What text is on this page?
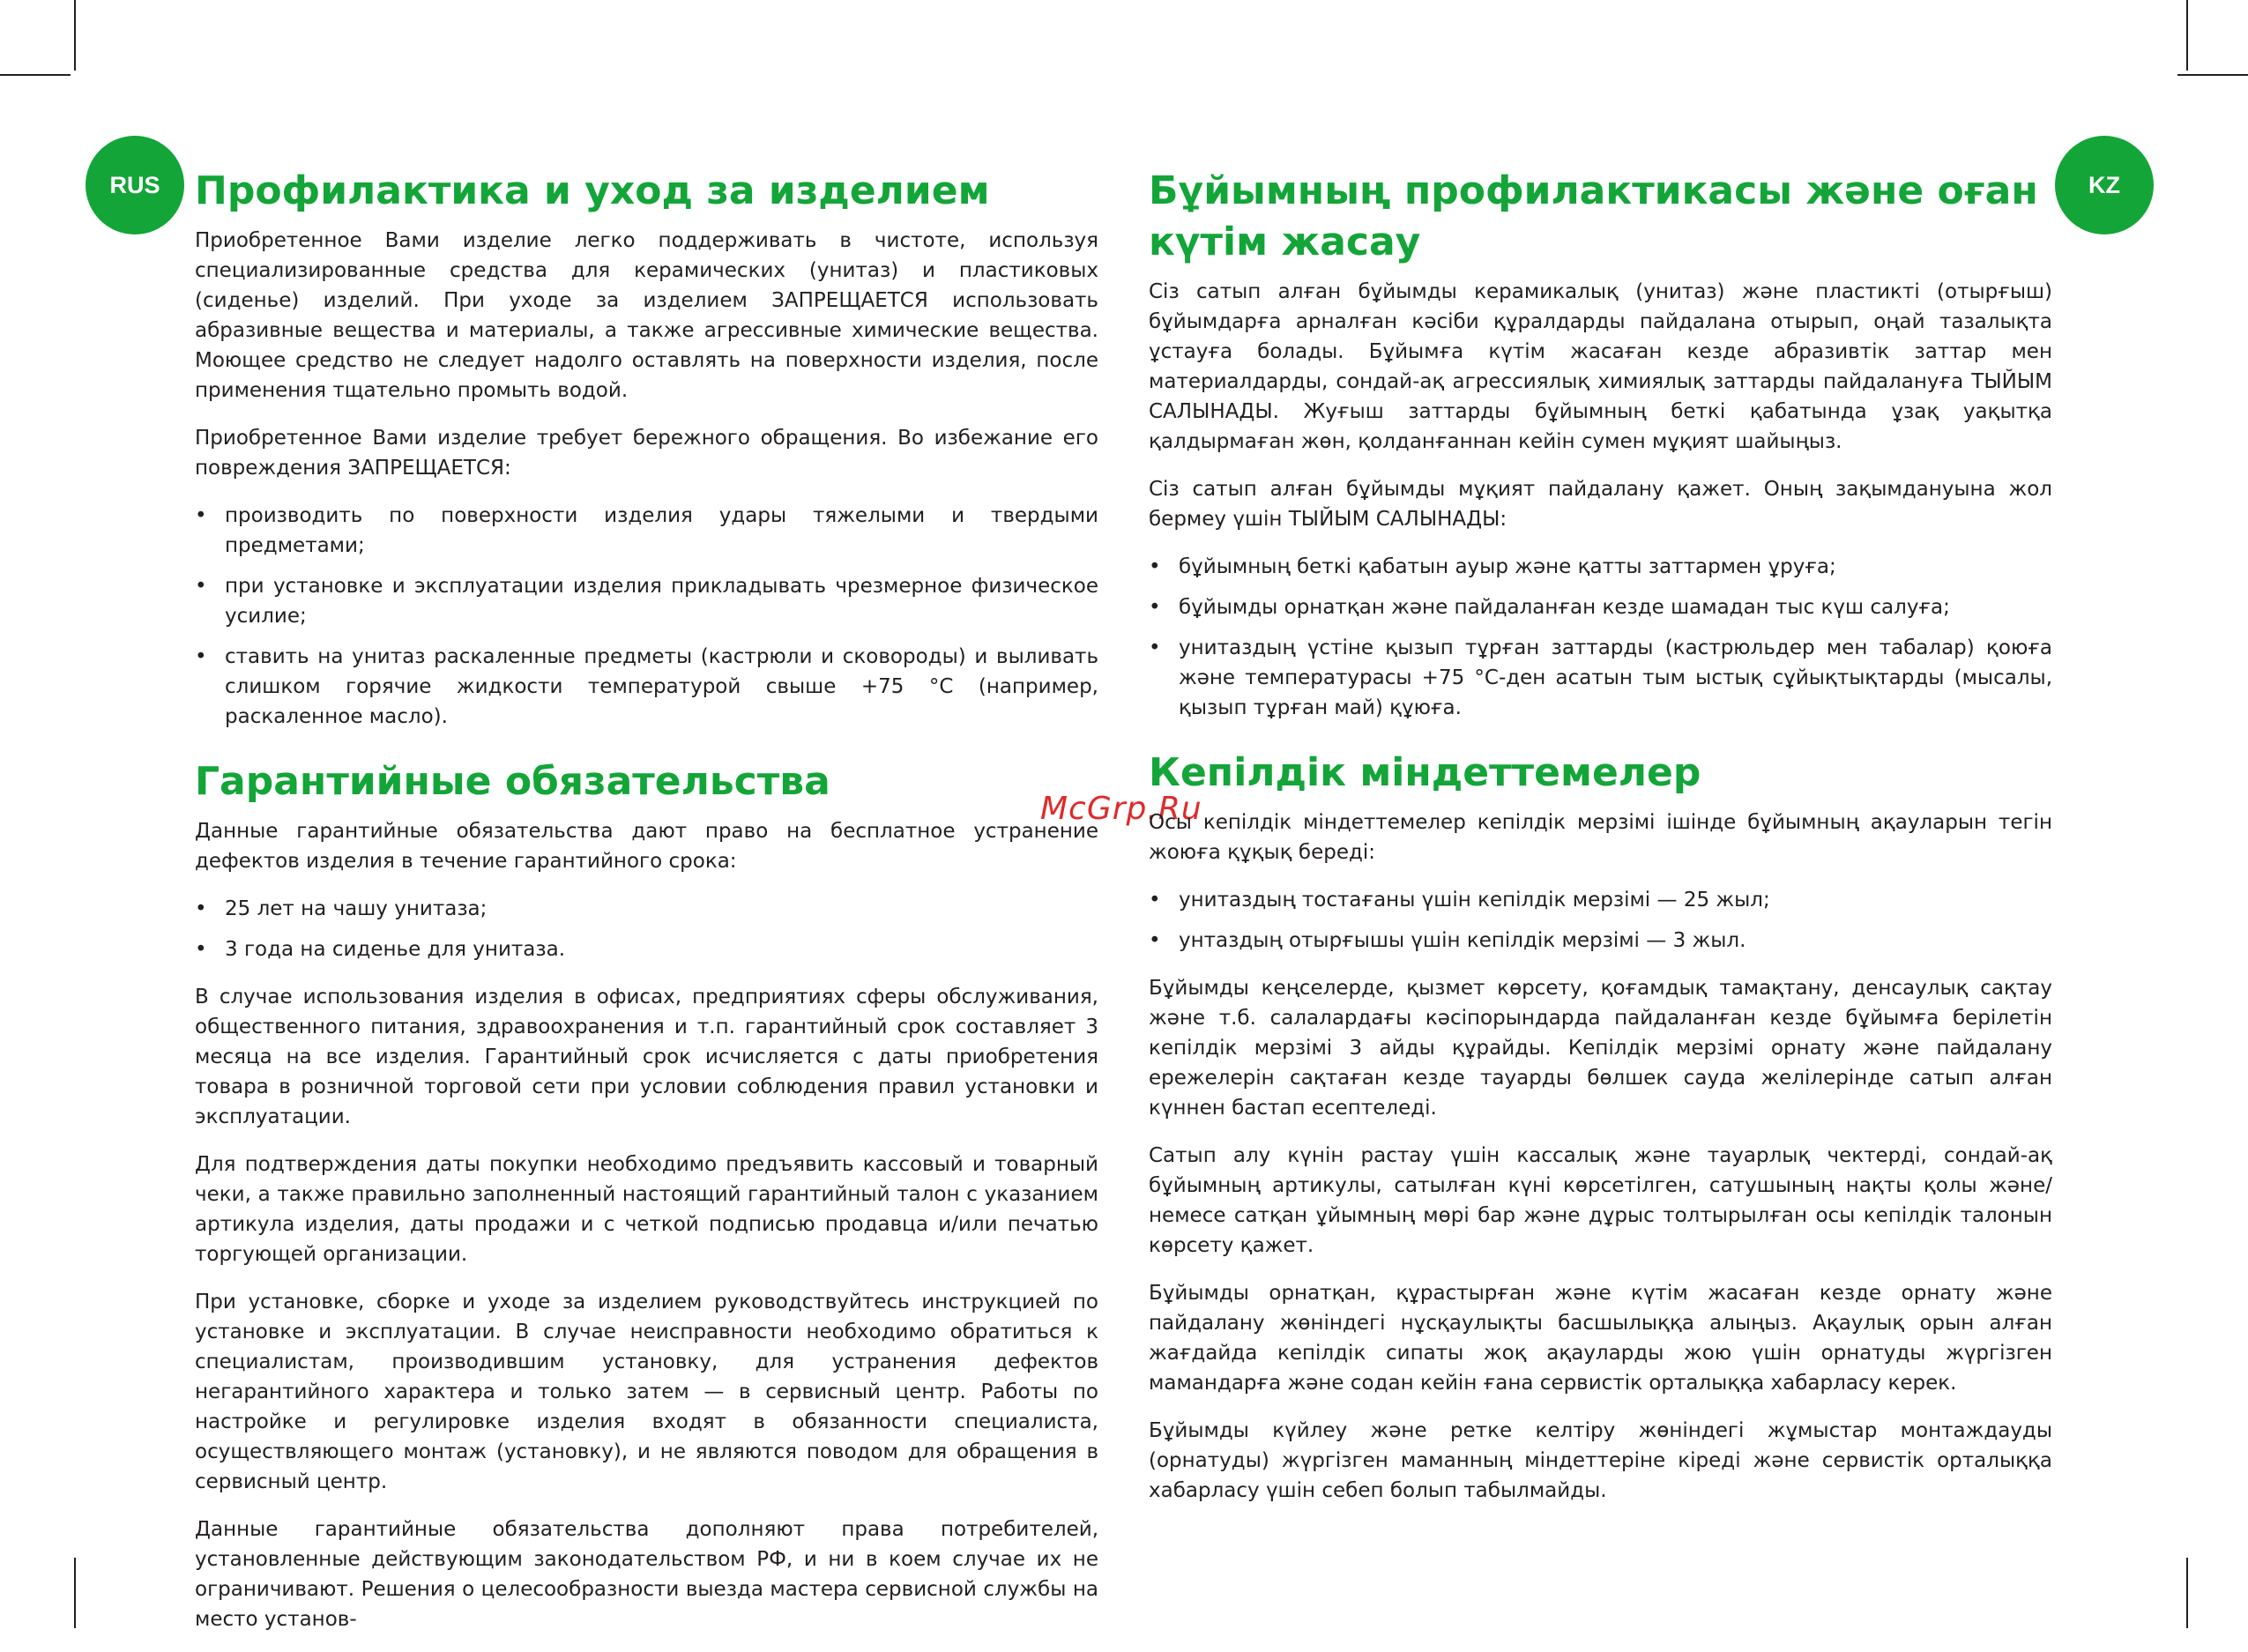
RUS	KZ
McGrp.Ru
Профилактика и уход за изделием

Приобретенное Вами изделие легко поддерживать в чистоте, используя специализированные средства для керамических (унитаз) и пластиковых (сиденье) изделий. При уходе за изделием ЗАПРЕЩАЕТСЯ использовать абразивные вещества и материалы, а также агрессивные химические вещества. Моющее средство не следует надолго оставлять на поверхности изделия, после применения тщательно промыть водой.

Приобретенное Вами изделие требует бережного обращения. Во избежание его повреждения ЗАПРЕЩАЕТСЯ:

• производить по поверхности изделия удары тяжелыми и твердыми предметами;
• при установке и эксплуатации изделия прикладывать чрезмерное физическое усилие;
• ставить на унитаз раскаленные предметы (кастрюли и сковороды) и выливать слишком горячие жидкости температурой свыше +75 °C (например, раскаленное масло).
Гарантийные обязательства

Данные гарантийные обязательства дают право на бесплатное устранение дефектов изделия в течение гарантийного срока:

• 25 лет на чашу унитаза;
• 3 года на сиденье для унитаза.

В случае использования изделия в офисах, предприятиях сферы обслуживания, общественного питания, здравоохранения и т.п. гарантийный срок составляет 3 месяца на все изделия. Гарантийный срок исчисляется с даты приобретения товара в розничной торговой сети при условии соблюдения правил установки и эксплуатации.

Для подтверждения даты покупки необходимо предъявить кассовый и товарный чеки, а также правильно заполненный настоящий гарантийный талон с указанием артикула изделия, даты продажи и с четкой подписью продавца и/или печатью торгующей организации.

При установке, сборке и уходе за изделием руководствуйтесь инструкцией по установке и эксплуатации. В случае неисправности необходимо обратиться к специалистам, производившим установку, для устранения дефектов негарантийного характера и только затем — в сервисный центр. Работы по настройке и регулировке изделия входят в обязанности специалиста, осуществляющего монтаж (установку), и не являются поводом для обращения в сервисный центр.

Данные гарантийные обязательства дополняют права потребителей, установленные действующим законодательством РФ, и ни в коем случае их не ограничивают. Решения о целесообразности выезда мастера сервисной службы на место установ-

Бұйымның профилактикасы және оған күтім жасау

Сіз сатып алған бұйымды керамикалық (унитаз) және пластикті (отырғыш) бұйымдарға арналған кәсіби құралдарды пайдалана отырып, оңай тазалықта ұстауға болады. Бұйымға күтім жасаған кезде абразивтік заттар мен материалдарды, сондай-ақ агрессиялық химиялық заттарды пайдалануға ТЫЙЫМ САЛЫНАДЫ. Жуғыш заттарды бұйымның беткі қабатында ұзақ уақытқа қалдырмаған жөн, қолданғаннан кейін сумен мұқият шайыңыз.

Сіз сатып алған бұйымды мұқият пайдалану қажет. Оның зақымдануына жол бермеу үшін ТЫЙЫМ САЛЫНАДЫ:

• бұйымның беткі қабатын ауыр және қатты заттармен ұруға;
• бұйымды орнатқан және пайдаланған кезде шамадан тыс күш салуға;
• унитаздың үстіне қызып тұрған заттарды (кастрюльдер мен табалар) қоюға және температурасы +75 °C-ден асатын тым ыстық сұйықтықтарды (мысалы, қызып тұрған май) құюға.
Кепілдік міндеттемелер

Осы кепілдік міндеттемелер кепілдік мерзімі ішінде бұйымның ақауларын тегін жоюға құқық береді:

• унитаздың тостағаны үшін кепілдік мерзімі — 25 жыл;
• унтаздың отырғышы үшін кепілдік мерзімі — 3 жыл.

Бұйымды кеңселерде, қызмет көрсету, қоғамдық тамақтану, денсаулық сақтау және т.б. салалардағы кәсіпорындарда пайдаланған кезде бұйымға берілетін кепілдік мерзімі 3 айды құрайды. Кепілдік мерзімі орнату және пайдалану ережелерін сақтаған кезде тауарды бөлшек сауда желілерінде сатып алған күннен бастап есептеледі.

Сатып алу күнін растау үшін кассалық және тауарлық чектерді, сондай-ақ бұйымның артикулы, сатылған күні көрсетілген, сатушының нақты қолы және/немесе сатқан ұйымның мөрі бар және дұрыс толтырылған осы кепілдік талонын көрсету қажет.

Бұйымды орнатқан, құрастырған және күтім жасаған кезде орнату және пайдалану жөніндегі нұсқаулықты басшылыққа алыңыз. Ақаулық орын алған жағдайда кепілдік сипаты жоқ ақауларды жою үшін орнатуды жүргізген мамандарға және содан кейін ғана сервистік орталыққа хабарласу керек.

Бұйымды күйлеу және ретке келтіру жөніндегі жұмыстар монтаждауды (орнатуды) жүргізген маманның міндеттеріне кіреді және сервистік орталыққа хабарласу үшін себеп болып табылмайды.
